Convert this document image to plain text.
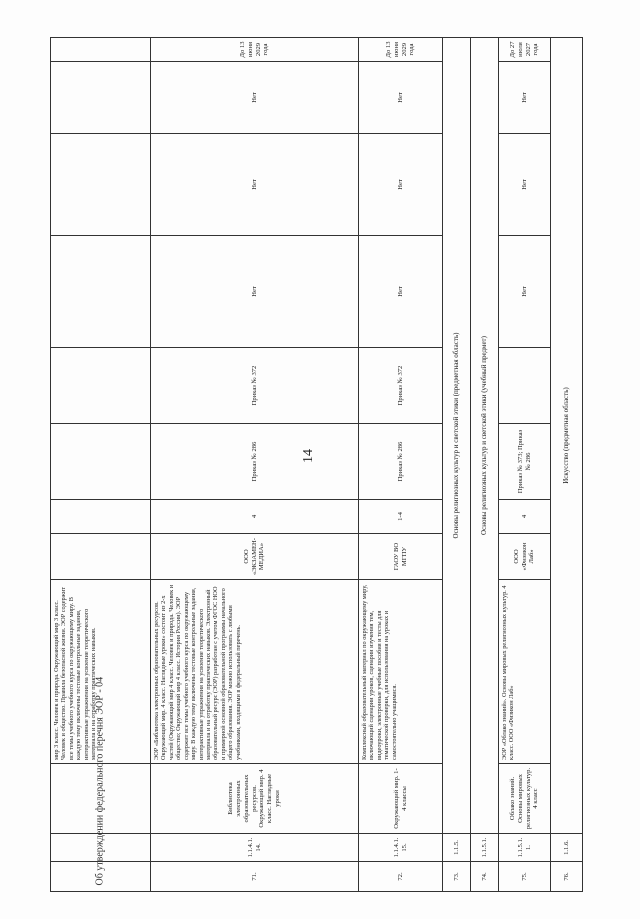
14
			мир 3 класс. Человек и природа. Окружающий мир 3 класс. Человек и общество. Правила безопасной жизни. ЭОР содержит все темы учебного учебного курса по окружающему миру. В каждую тему включены тестовые контрольные задания, интерактивные упражнения на усвоение теоретического материала и на отработку практических навыков.								
71.	1.1.4.1.14.	Библиотека электронных образовательных ресурсов. Окружающий мир. 4 класс. Наглядные уроки	ЭОР «Библиотека электронных образовательных ресурсов. Окружающий мир. 4 класс. Наглядные уроки» состоит из 2-х частей (Окружающий мир 4 класс. Человек и природа. Человек и общество; Окружающий мир 4 класс. История России). ЭОР содержит все темы учебного учебного курса по окружающему миру. В каждую тему включены тестовые контрольные задания, интерактивные упражнения на усвоение теоретического материала и на отработку практических навыков. Электронный образовательный ресурс (ЭОР) разработан с учетом ФГОС НОО и примерной основной образовательной программы начального общего образования. ЭОР можно использовать с любыми учебниками, входящими в федеральный перечень.	ООО «ЭКЗАМЕН-МЕДИА»	4	Приказ № 286	Приказ № 372	Нет	Нет	Нет	До 13 июня 2029 года
72.	1.1.4.1.15.	Окружающий мир. 1-4 классы	Комплексный образовательный материал по окружающему миру, включающий сценарии уроков, сценарии изучения тем, видеоуроки, электронные учебные пособия и тесты для тематической проверки, для использования на уроках и самостоятельно учащимися.	ГАОУ ВО МГПУ	1-4	Приказ № 286	Приказ № 372	Нет	Нет	Нет	До 13 июня 2029 года
73.	1.1.5.	Основы религиозных культур и светской этики (предметная область)									
74.	1.1.5.1.	Основы религиозных культур и светской этики (учебный предмет)									
75.	1.1.5.1.1.	Облако знаний. Основы мировых религиозных культур. 4 класс	ЭОР «Облако знаний». Основы мировых религиозных культур. 4 класс. ООО «Физикон Лаб»	ООО «Физикон Лаб»	4	Приказ № 373; Приказ № 286		Нет	Нет	Нет	До 27 июля 2027 года
76.	1.1.6.	Искусство (предметная область)									
Об утверждении федерального перечня ЭОР - 04
